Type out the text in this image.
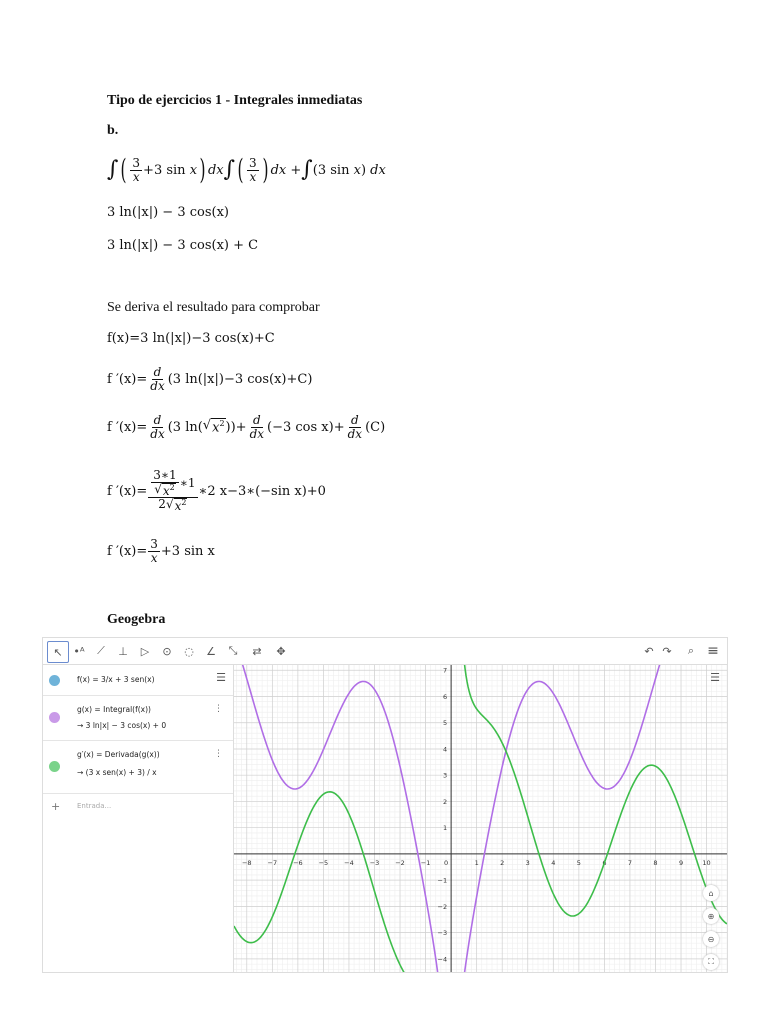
Tipo de ejercicios 1 - Integrales inmediatas
b.
∫ ( $\frac{3}{x} +3$ sin
x ) dx ∫ ( $\frac{3}{x}$ ) dx + ∫ (3 sin
x )
dx
3 ln(|x|) − 3 cos(x)
3 ln(|x|) − 3 cos(x) + C
Se deriva el resultado para comprobar
f(x)=3 ln(|x|)−3 cos(x)+C
f $'(x)= \frac{d}{dx} (3$ ln(|x|)−3 cos(x)+C)
f $'(x)= \frac{d}{dx} (3$ ln( √ $x^2$ ))+ $\frac{d}{dx} (-3$ $\cos x)+ \frac{d}{dx} (C)$
f $'(x)= \frac{\frac{3∗1}{√ x^2} ∗1}{2√ x^2}$ ∗2 x−3∗(−sin x)+0
f $'(x)= \frac{3}{x} +3$ sin x
Geogebra
↖ •ᴬ	⟋	⊥	▷	⊙	◌	∠	⤡	⇄	✥	↶ ↷	⌕ ≡
☰
f(x) = 3/x + 3 sen(x)
g(x) = Integral(f(x))
→ 3 ln|x| − 3 cos(x) + 0
⋮
g′(x) = Derivada(g(x))
→ (3 x sen(x) + 3) / x
⋮
+ Entrada...
−8 −7 −6 −5 −4 −3 −2 −1 0	1	2	3	4	5	6	7	8	9	10
7
6
5
4
3
2
1
−1
−2
−3
−4
☰
⌂
⊕
⊖
⛶
